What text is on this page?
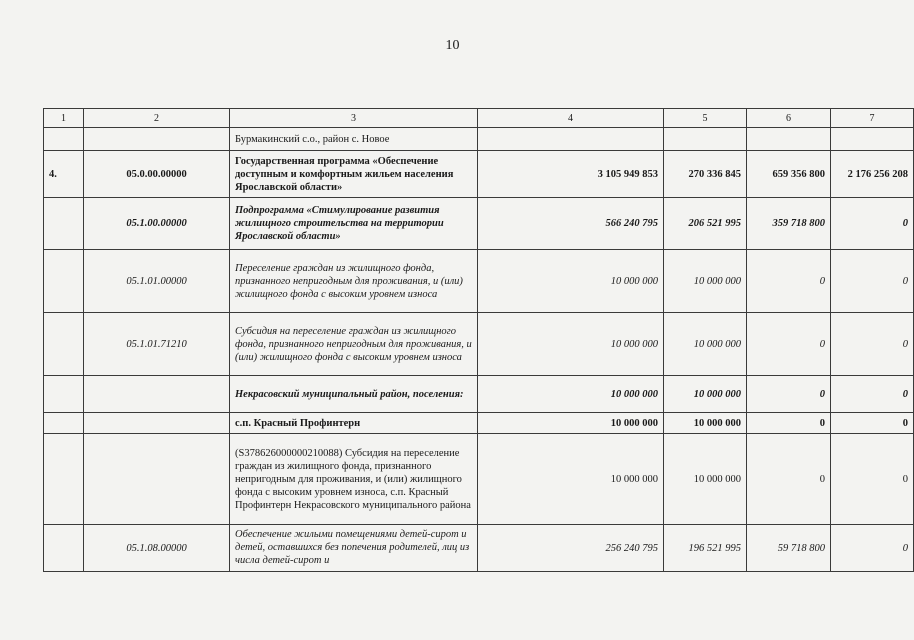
10
1	2	3	4	5	6	7
		Бурмакинский с.о., район с. Новое				
4.	05.0.00.00000	Государственная программа «Обеспечение доступным и комфортным жильем населения Ярославской области»	3 105 949 853	270 336 845	659 356 800	2 176 256 208
	05.1.00.00000	Подпрограмма «Стимулирование развития жилищного строительства на территории Ярославской области»	566 240 795	206 521 995	359 718 800	0
	05.1.01.00000	Переселение граждан из жилищного фонда, признанного непригодным для проживания, и (или) жилищного фонда с высоким уровнем износа	10 000 000	10 000 000	0	0
	05.1.01.71210	Субсидия на переселение граждан из жилищного фонда, признанного непригодным для проживания, и (или) жилищного фонда с высоким уровнем износа	10 000 000	10 000 000	0	0
		Некрасовский муниципальный район, поселения:	10 000 000	10 000 000	0	0
		с.п. Красный Профинтерн	10 000 000	10 000 000	0	0
		(S378626000000210088) Субсидия на переселение граждан из жилищного фонда, признанного непригодным для проживания, и (или) жилищного фонда с высоким уровнем износа, с.п. Красный Профинтерн Некрасовского муниципального района	10 000 000	10 000 000	0	0
	05.1.08.00000	Обеспечение жилыми помещениями детей-сирот и детей, оставшихся без попечения родителей, лиц из числа детей-сирот и	256 240 795	196 521 995	59 718 800	0
